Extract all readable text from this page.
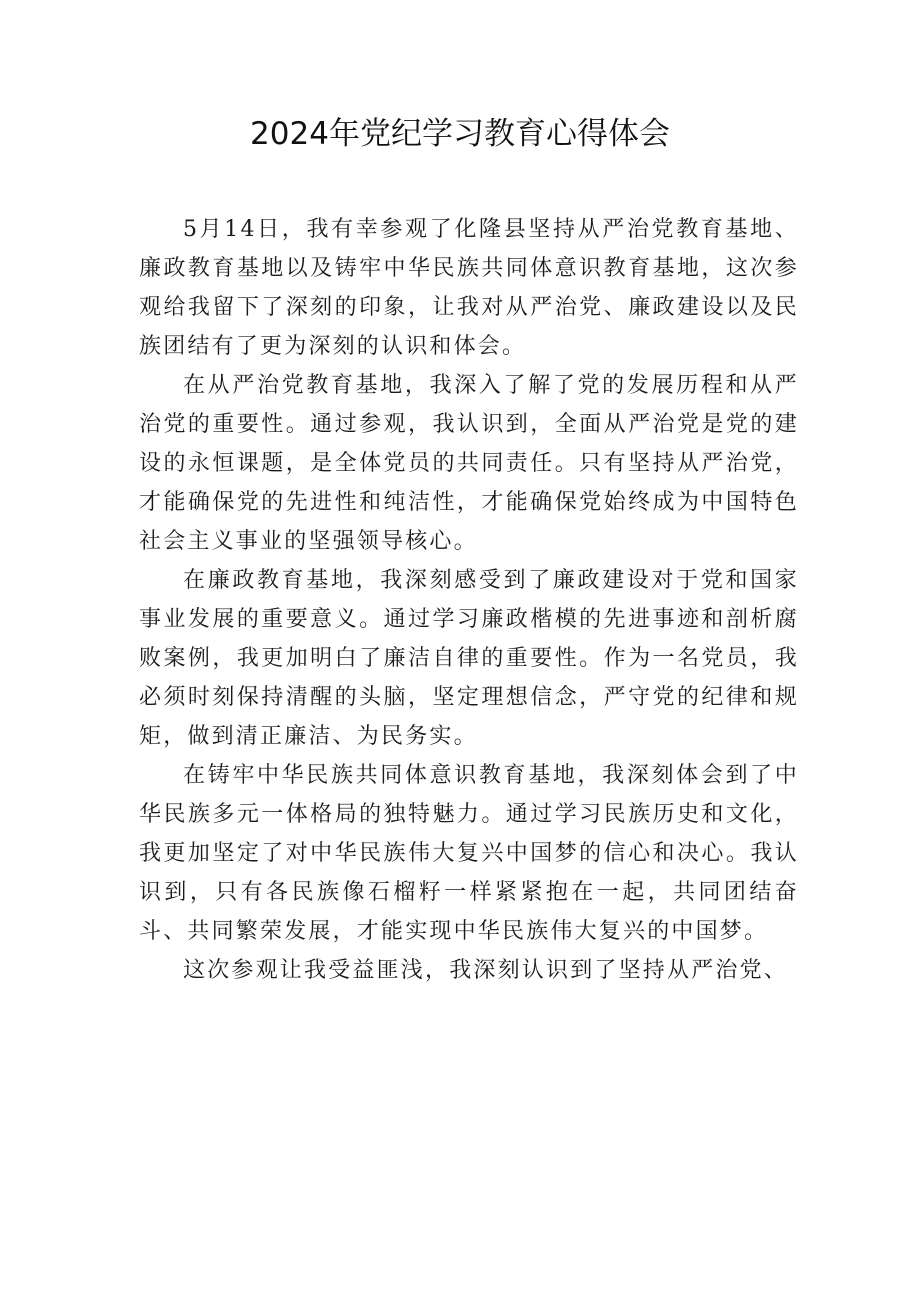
2024年党纪学习教育心得体会

5月14日，我有幸参观了化隆县坚持从严治党教育基地、廉政教育基地以及铸牢中华民族共同体意识教育基地，这次参观给我留下了深刻的印象，让我对从严治党、廉政建设以及民族团结有了更为深刻的认识和体会。

在从严治党教育基地，我深入了解了党的发展历程和从严治党的重要性。通过参观，我认识到，全面从严治党是党的建设的永恒课题，是全体党员的共同责任。只有坚持从严治党，才能确保党的先进性和纯洁性，才能确保党始终成为中国特色社会主义事业的坚强领导核心。

在廉政教育基地，我深刻感受到了廉政建设对于党和国家事业发展的重要意义。通过学习廉政楷模的先进事迹和剖析腐败案例，我更加明白了廉洁自律的重要性。作为一名党员，我必须时刻保持清醒的头脑，坚定理想信念，严守党的纪律和规矩，做到清正廉洁、为民务实。

在铸牢中华民族共同体意识教育基地，我深刻体会到了中华民族多元一体格局的独特魅力。通过学习民族历史和文化，我更加坚定了对中华民族伟大复兴中国梦的信心和决心。我认识到，只有各民族像石榴籽一样紧紧抱在一起，共同团结奋斗、共同繁荣发展，才能实现中华民族伟大复兴的中国梦。

这次参观让我受益匪浅，我深刻认识到了坚持从严治党、
